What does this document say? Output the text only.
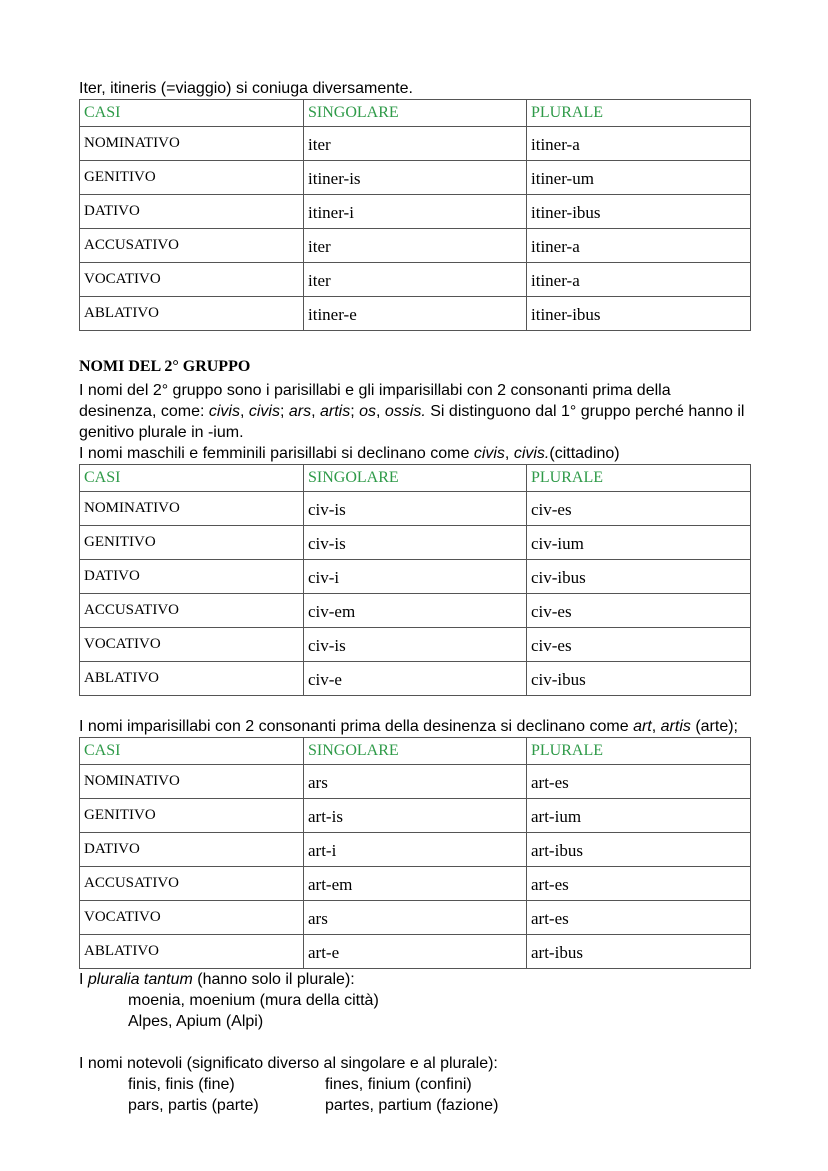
Iter, itineris (=viaggio) si coniuga diversamente.

CASI	SINGOLARE	PLURALE
NOMINATIVO	iter	itiner-a
GENITIVO	itiner-is	itiner-um
DATIVO	itiner-i	itiner-ibus
ACCUSATIVO	iter	itiner-a
VOCATIVO	iter	itiner-a
ABLATIVO	itiner-e	itiner-ibus
NOMI DEL 2° GRUPPO

I nomi del 2° gruppo sono i parisillabi e gli imparisillabi con 2 consonanti prima della desinenza, come: civis, civis; ars, artis; os, ossis. Si distinguono dal 1° gruppo perché hanno il genitivo plurale in -ium.

I nomi maschili e femminili parisillabi si declinano come civis, civis.(cittadino)

CASI	SINGOLARE	PLURALE
NOMINATIVO	civ-is	civ-es
GENITIVO	civ-is	civ-ium
DATIVO	civ-i	civ-ibus
ACCUSATIVO	civ-em	civ-es
VOCATIVO	civ-is	civ-es
ABLATIVO	civ-e	civ-ibus

I nomi imparisillabi con 2 consonanti prima della desinenza si declinano come art, artis (arte);

CASI	SINGOLARE	PLURALE
NOMINATIVO	ars	art-es
GENITIVO	art-is	art-ium
DATIVO	art-i	art-ibus
ACCUSATIVO	art-em	art-es
VOCATIVO	ars	art-es
ABLATIVO	art-e	art-ibus

I pluralia tantum (hanno solo il plurale):

moenia, moenium (mura della città)

Alpes, Apium (Alpi)

I nomi notevoli (significato diverso al singolare e al plurale):

finis, finis (fine)	fines, finium (confini)
pars, partis (parte)	partes, partium (fazione)
